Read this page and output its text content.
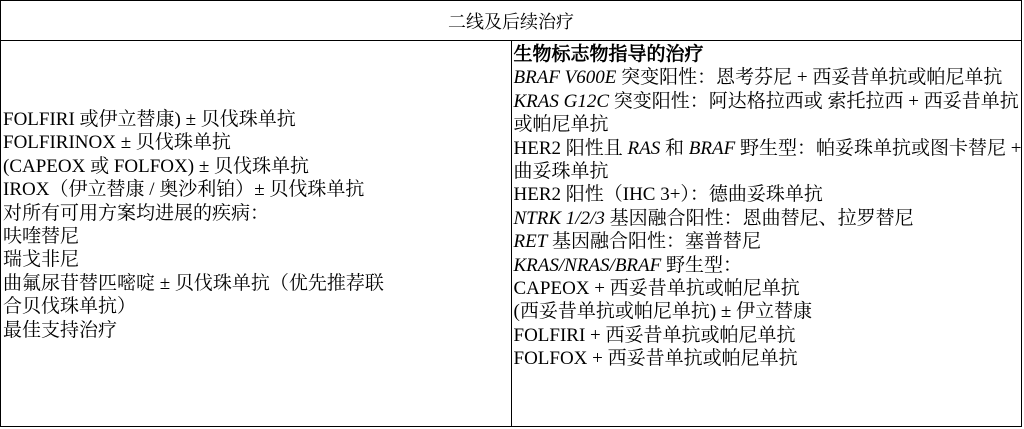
二线及后续治疗

FOLFIRI 或伊立替康) ± 贝伐珠单抗
FOLFIRINOX ± 贝伐珠单抗
(CAPEOX 或 FOLFOX) ± 贝伐珠单抗
IROX（伊立替康 / 奥沙利铂）± 贝伐珠单抗
对所有可用方案均进展的疾病：
呋喹替尼
瑞戈非尼
曲氟尿苷替匹嘧啶 ± 贝伐珠单抗（优先推荐联
合贝伐珠单抗）
最佳支持治疗

生物标志物指导的治疗
BRAF V600E 突变阳性：恩考芬尼 + 西妥昔单抗或帕尼单抗
KRAS G12C 突变阳性：阿达格拉西或 索托拉西 + 西妥昔单抗
或帕尼单抗
HER2 阳性且 RAS 和 BRAF 野生型：帕妥珠单抗或图卡替尼 +
曲妥珠单抗
HER2 阳性（IHC 3+）：德曲妥珠单抗
NTRK 1/2/3 基因融合阳性：恩曲替尼、拉罗替尼
RET 基因融合阳性：塞普替尼
KRAS/NRAS/BRAF 野生型：
CAPEOX + 西妥昔单抗或帕尼单抗
(西妥昔单抗或帕尼单抗) ± 伊立替康
FOLFIRI + 西妥昔单抗或帕尼单抗
FOLFOX + 西妥昔单抗或帕尼单抗
